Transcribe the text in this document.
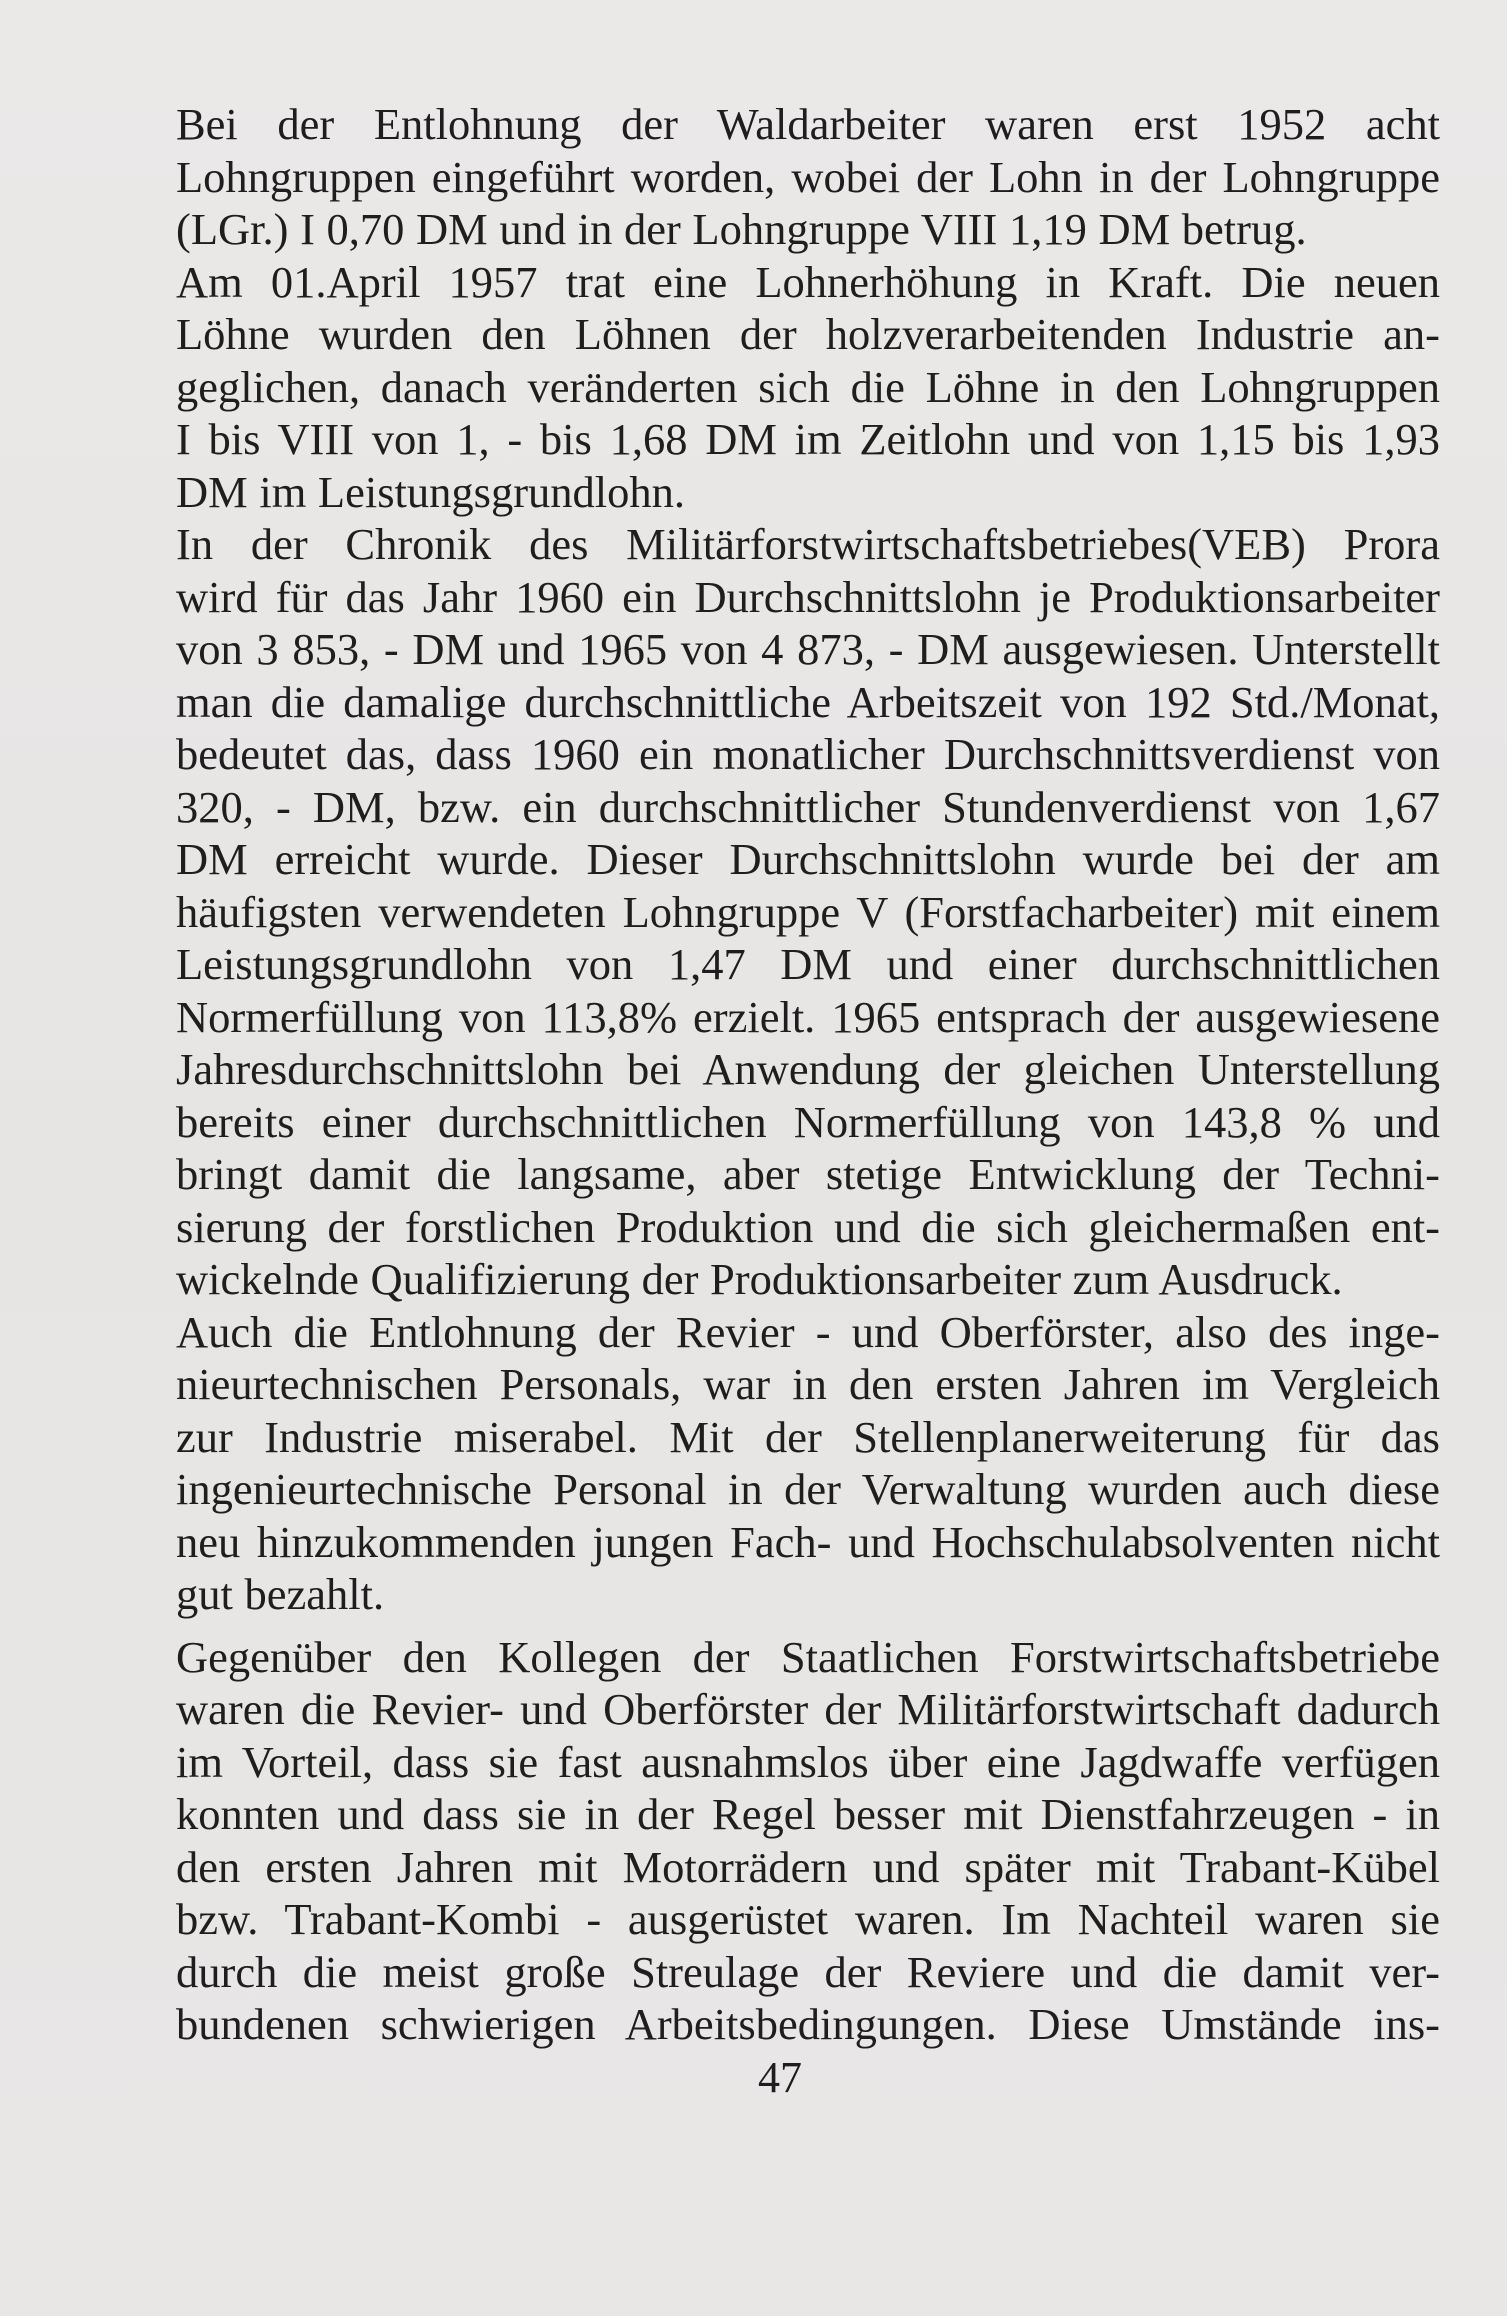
Bei der Entlohnung der Waldarbeiter waren erst 1952 acht
Lohngruppen eingeführt worden, wobei der Lohn in der Lohngruppe
(LGr.) I 0,70 DM und in der Lohngruppe VIII 1,19 DM betrug.
Am 01.April 1957 trat eine Lohnerhöhung in Kraft. Die neuen
Löhne wurden den Löhnen der holzverarbeitenden Industrie an-
geglichen, danach veränderten sich die Löhne in den Lohngruppen
I bis VIII von 1, - bis 1,68 DM im Zeitlohn und von 1,15 bis 1,93
DM im Leistungsgrundlohn.
In der Chronik des Militärforstwirtschaftsbetriebes(VEB) Prora
wird für das Jahr 1960 ein Durchschnittslohn je Produktionsarbeiter
von 3 853, - DM und 1965 von 4 873, - DM ausgewiesen. Unterstellt
man die damalige durchschnittliche Arbeitszeit von 192 Std./Monat,
bedeutet das, dass 1960 ein monatlicher Durchschnittsverdienst von
320, - DM, bzw. ein durchschnittlicher Stundenverdienst von 1,67
DM erreicht wurde. Dieser Durchschnittslohn wurde bei der am
häufigsten verwendeten Lohngruppe V (Forstfacharbeiter) mit einem
Leistungsgrundlohn von 1,47 DM und einer durchschnittlichen
Normerfüllung von 113,8% erzielt. 1965 entsprach der ausgewiesene
Jahresdurchschnittslohn bei Anwendung der gleichen Unterstellung
bereits einer durchschnittlichen Normerfüllung von 143,8 % und
bringt damit die langsame, aber stetige Entwicklung der Techni-
sierung der forstlichen Produktion und die sich gleichermaßen ent-
wickelnde Qualifizierung der Produktionsarbeiter zum Ausdruck.
Auch die Entlohnung der Revier - und Oberförster, also des inge-
nieurtechnischen Personals, war in den ersten Jahren im Vergleich
zur Industrie miserabel. Mit der Stellenplanerweiterung für das
ingenieurtechnische Personal in der Verwaltung wurden auch diese
neu hinzukommenden jungen Fach- und Hochschulabsolventen nicht
gut bezahlt.
Gegenüber den Kollegen der Staatlichen Forstwirtschaftsbetriebe
waren die Revier- und Oberförster der Militärforstwirtschaft dadurch
im Vorteil, dass sie fast ausnahmslos über eine Jagdwaffe verfügen
konnten und dass sie in der Regel besser mit Dienstfahrzeugen - in
den ersten Jahren mit Motorrädern und später mit Trabant-Kübel
bzw. Trabant-Kombi - ausgerüstet waren. Im Nachteil waren sie
durch die meist große Streulage der Reviere und die damit ver-
bundenen schwierigen Arbeitsbedingungen. Diese Umstände ins-
47
